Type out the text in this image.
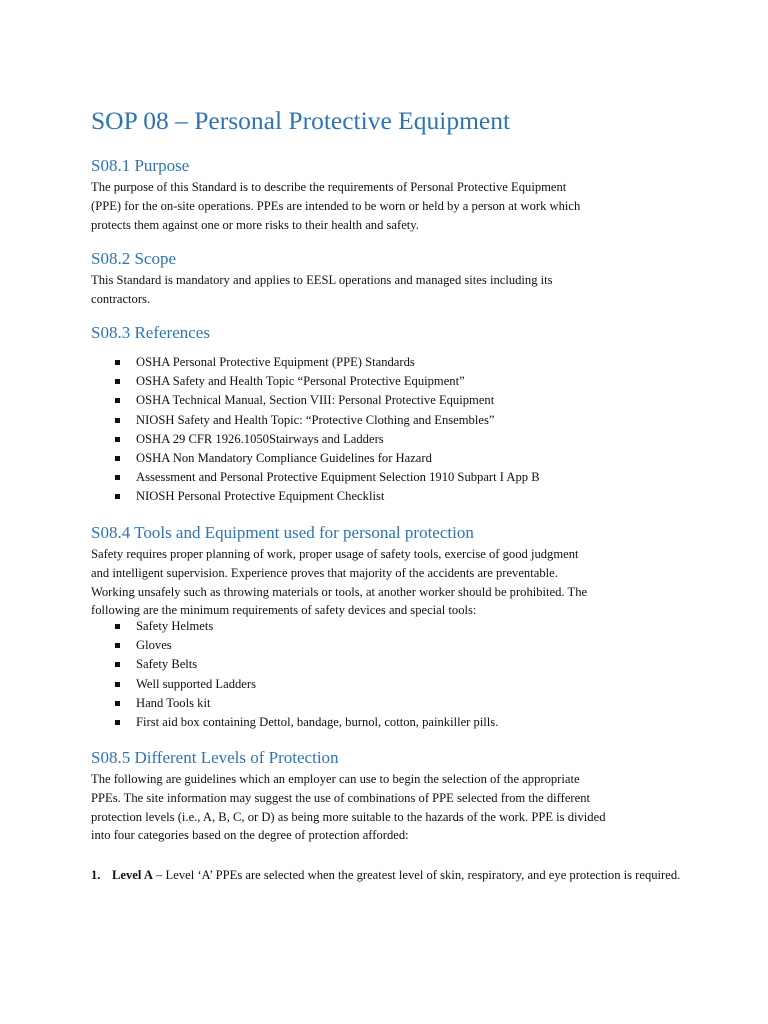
SOP 08 – Personal Protective Equipment
S08.1 Purpose

The purpose of this Standard is to describe the requirements of Personal Protective Equipment
(PPE) for the on-site operations. PPEs are intended to be worn or held by a person at work which
protects them against one or more risks to their health and safety.

S08.2 Scope

This Standard is mandatory and applies to EESL operations and managed sites including its
contractors.

S08.3 References
OSHA Personal Protective Equipment (PPE) Standards
OSHA Safety and Health Topic “Personal Protective Equipment”
OSHA Technical Manual, Section VIII: Personal Protective Equipment
NIOSH Safety and Health Topic: “Protective Clothing and Ensembles”
OSHA 29 CFR 1926.1050Stairways and Ladders
OSHA Non Mandatory Compliance Guidelines for Hazard
Assessment and Personal Protective Equipment Selection 1910 Subpart I App B
NIOSH Personal Protective Equipment Checklist
S08.4 Tools and Equipment used for personal protection

Safety requires proper planning of work, proper usage of safety tools, exercise of good judgment
and intelligent supervision. Experience proves that majority of the accidents are preventable.
Working unsafely such as throwing materials or tools, at another worker should be prohibited. The
following are the minimum requirements of safety devices and special tools:

Safety Helmets
Gloves
Safety Belts
Well supported Ladders
Hand Tools kit
First aid box containing Dettol, bandage, burnol, cotton, painkiller pills.
S08.5 Different Levels of Protection

The following are guidelines which an employer can use to begin the selection of the appropriate
PPEs. The site information may suggest the use of combinations of PPE selected from the different
protection levels (i.e., A, B, C, or D) as being more suitable to the hazards of the work. PPE is divided
into four categories based on the degree of protection afforded:

1. Level A – Level ‘A’ PPEs are selected when the greatest level of skin, respiratory, and eye protection is required.
